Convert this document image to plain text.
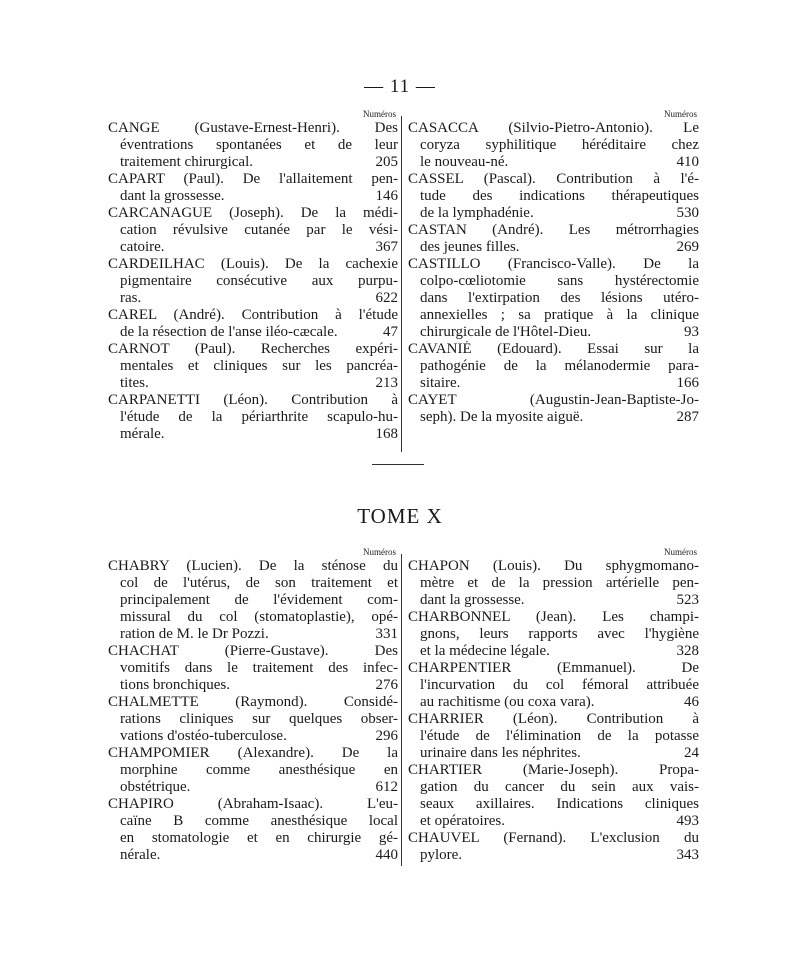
— 11 —
Numéros
CANGE (Gustave-Ernest-Henri). Des
éventrations spontanées et de leur
traitement chirurgical.	205
CAPART (Paul). De l'allaitement pen-
dant la grossesse.	146
CARCANAGUE (Joseph). De la médi-
cation révulsive cutanée par le vési-
catoire.	367
CARDEILHAC (Louis). De la cachexie
pigmentaire consécutive aux purpu-
ras.	622
CAREL (André). Contribution à l'étude
de la résection de l'anse iléo-cæcale.	47
CARNOT (Paul). Recherches expéri-
mentales et cliniques sur les pancréa-
tites.	213
CARPANETTI (Léon). Contribution à
l'étude de la périarthrite scapulo-hu-
mérale.	168
Numéros
CASACCA (Silvio-Pietro-Antonio). Le
coryza syphilitique héréditaire chez
le nouveau-né.	410
CASSEL (Pascal). Contribution à l'é-
tude des indications thérapeutiques
de la lymphadénie.	530
CASTAN (André). Les métrorrhagies
des jeunes filles.	269
CASTILLO (Francisco-Valle). De la
colpo-cœliotomie sans hystérectomie
dans l'extirpation des lésions utéro-
annexielles ; sa pratique à la clinique
chirurgicale de l'Hôtel-Dieu.	93
CAVANIÉ (Edouard). Essai sur la
pathogénie de la mélanodermie para-
sitaire.	166
CAYET (Augustin-Jean-Baptiste-Jo-
seph). De la myosite aiguë.	287
TOME X
Numéros
CHABRY (Lucien). De la sténose du
col de l'utérus, de son traitement et
principalement de l'évidement com-
missural du col (stomatoplastie), opé-
ration de M. le Dr Pozzi.	331
CHACHAT (Pierre-Gustave). Des
vomitifs dans le traitement des infec-
tions bronchiques.	276
CHALMETTE (Raymond). Considé-
rations cliniques sur quelques obser-
vations d'ostéo-tuberculose.	296
CHAMPOMIER (Alexandre). De la
morphine comme anesthésique en
obstétrique.	612
CHAPIRO (Abraham-Isaac). L'eu-
caïne B comme anesthésique local
en stomatologie et en chirurgie gé-
nérale.	440
Numéros
CHAPON (Louis). Du sphygmomano-
mètre et de la pression artérielle pen-
dant la grossesse.	523
CHARBONNEL (Jean). Les champi-
gnons, leurs rapports avec l'hygiène
et la médecine légale.	328
CHARPENTIER (Emmanuel). De
l'incurvation du col fémoral attribuée
au rachitisme (ou coxa vara).	46
CHARRIER (Léon). Contribution à
l'étude de l'élimination de la potasse
urinaire dans les néphrites.	24
CHARTIER (Marie-Joseph). Propa-
gation du cancer du sein aux vais-
seaux axillaires. Indications cliniques
et opératoires.	493
CHAUVEL (Fernand). L'exclusion du
pylore.	343
